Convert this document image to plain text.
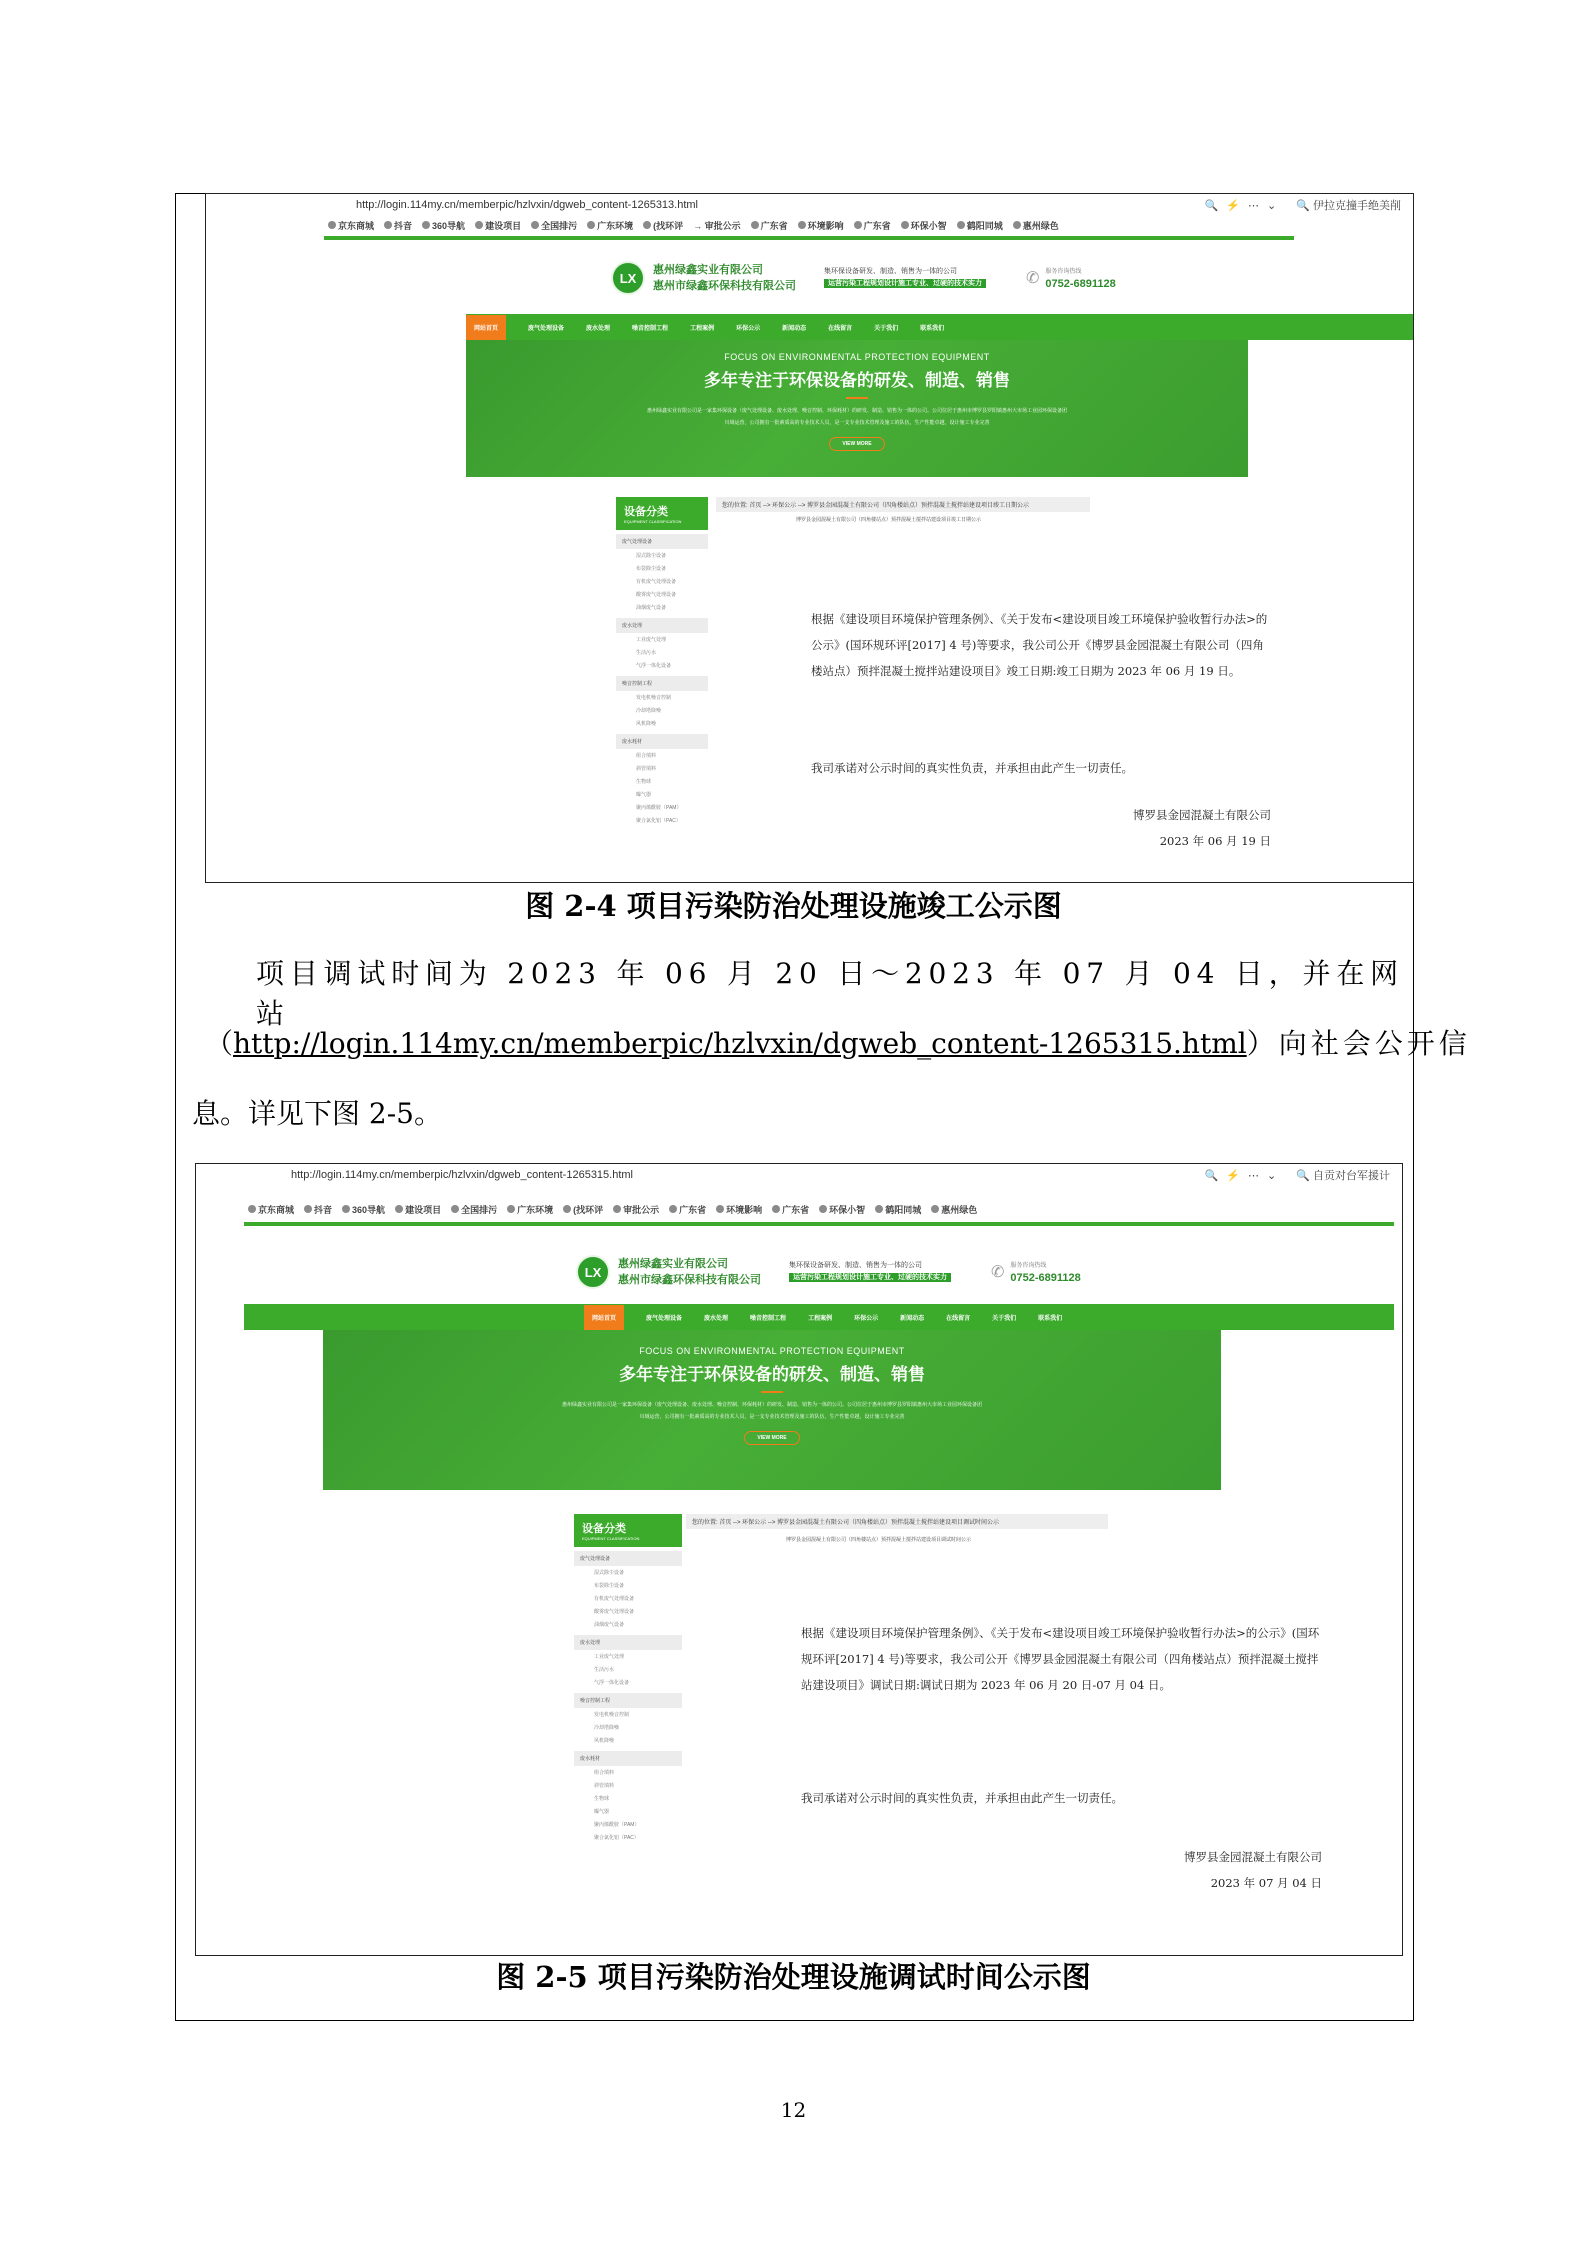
http://login.114my.cn/memberpic/hzlvxin/dgweb_content-1265313.html	🔍⚡⋯⌄ 🔍 伊拉克撞手绝美削
京东商城 抖音 360导航 建设项目 全国排污 广东环境 (找环评 → 审批公示 广东省 环境影响 广东省 环保小智 鹤阳同城 惠州绿色
LX
惠州绿鑫实业有限公司
惠州市绿鑫环保科技有限公司
集环保设备研发、制造、销售为一体的公司
运营污染工程规划设计施工专业、过硬的技术实力	✆ 服务咨询热线
0752-6891128
网站首页	废气处理设备	废水处理	噪音控制工程	工程案例	环保公示	新闻动态	在线留言	关于我们	联系我们
FOCUS ON ENVIRONMENTAL PROTECTION EQUIPMENT
多年专注于环保设备的研发、制造、销售
惠州绿鑫实业有限公司是一家集环保设备（废气处理设备、废水处理、噪音控制、环保耗材）的研发、制造、销售为一体的公司。公司位居于惠州市博罗县罗阳镇惠州大市场工业园环保设备团
川域运营，公司拥有一批素质高的专业技术人员，是一支专业技术管理及施工的队伍，生产性能卓越，设计施工专业完善
VIEW MORE
设备分类
EQUIPMENT CLASSIFICATION
废气处理设备
湿式除尘设备
布袋除尘设备
有机废气处理设备
酸雾废气处理设备
油烟废气设备
废水处理
工业废气处理
生活污水
气浮一体化设备
噪音控制工程
发电机噪音控制
冷却塔降噪
风机降噪
废水耗材
组合填料
斜管填料
生物球
曝气器
聚丙烯酰胺（PAM）
聚合氯化铝（PAC）
您的位置: 首页 --> 环保公示 --> 博罗县金园混凝土有限公司（四角楼站点）预拌混凝土搅拌站建设项目竣工日期公示
博罗县金园混凝土有限公司（四角楼站点）预拌混凝土搅拌站建设项目竣工日期公示
根据《建设项目环境保护管理条例》、《关于发布<建设项目竣工环境保护验收暂行办法>的公示》(国环规环评[2017] 4 号)等要求，我公司公开《博罗县金园混凝土有限公司（四角楼站点）预拌混凝土搅拌站建设项目》竣工日期:竣工日期为 2023 年 06 月 19 日。
我司承诺对公示时间的真实性负责，并承担由此产生一切责任。
博罗县金园混凝土有限公司
2023 年 06 月 19 日
图 2-4 项目污染防治处理设施竣工公示图
项目调试时间为 2023 年 06 月 20 日～2023 年 07 月 04 日，并在网站
（http://login.114my.cn/memberpic/hzlvxin/dgweb_content-1265315.html）向社会公开信
息。详见下图 2-5。
http://login.114my.cn/memberpic/hzlvxin/dgweb_content-1265315.html	🔍⚡⋯⌄ 🔍 自贡对台军援计
京东商城 抖音 360导航 建设项目 全国排污 广东环境 (找环评 审批公示 广东省 环境影响 广东省 环保小智 鹤阳同城 惠州绿色
LX
惠州绿鑫实业有限公司
惠州市绿鑫环保科技有限公司
集环保设备研发、制造、销售为一体的公司
运营污染工程规划设计施工专业、过硬的技术实力	✆ 服务咨询热线
0752-6891128
网站首页	废气处理设备	废水处理	噪音控制工程	工程案例	环保公示	新闻动态	在线留言	关于我们	联系我们
FOCUS ON ENVIRONMENTAL PROTECTION EQUIPMENT
多年专注于环保设备的研发、制造、销售
惠州绿鑫实业有限公司是一家集环保设备（废气处理设备、废水处理、噪音控制、环保耗材）的研发、制造、销售为一体的公司。公司位居于惠州市博罗县罗阳镇惠州大市场工业园环保设备团
川域运营，公司拥有一批素质高的专业技术人员，是一支专业技术管理及施工的队伍，生产性能卓越，设计施工专业完善
VIEW MORE
设备分类
EQUIPMENT CLASSIFICATION
废气处理设备
湿式除尘设备
布袋除尘设备
有机废气处理设备
酸雾废气处理设备
油烟废气设备
废水处理
工业废气处理
生活污水
气浮一体化设备
噪音控制工程
发电机噪音控制
冷却塔降噪
风机降噪
废水耗材
组合填料
斜管填料
生物球
曝气器
聚丙烯酰胺（PAM）
聚合氯化铝（PAC）
您的位置: 首页 --> 环保公示 --> 博罗县金园混凝土有限公司（四角楼站点）预拌混凝土搅拌站建设项目调试时间公示
博罗县金园混凝土有限公司（四角楼站点）预拌混凝土搅拌站建设项目调试时间公示
根据《建设项目环境保护管理条例》、《关于发布<建设项目竣工环境保护验收暂行办法>的公示》(国环规环评[2017] 4 号)等要求，我公司公开《博罗县金园混凝土有限公司（四角楼站点）预拌混凝土搅拌站建设项目》调试日期:调试日期为 2023 年 06 月 20 日-07 月 04 日。
我司承诺对公示时间的真实性负责，并承担由此产生一切责任。
博罗县金园混凝土有限公司
2023 年 07 月 04 日
图 2-5 项目污染防治处理设施调试时间公示图
12
